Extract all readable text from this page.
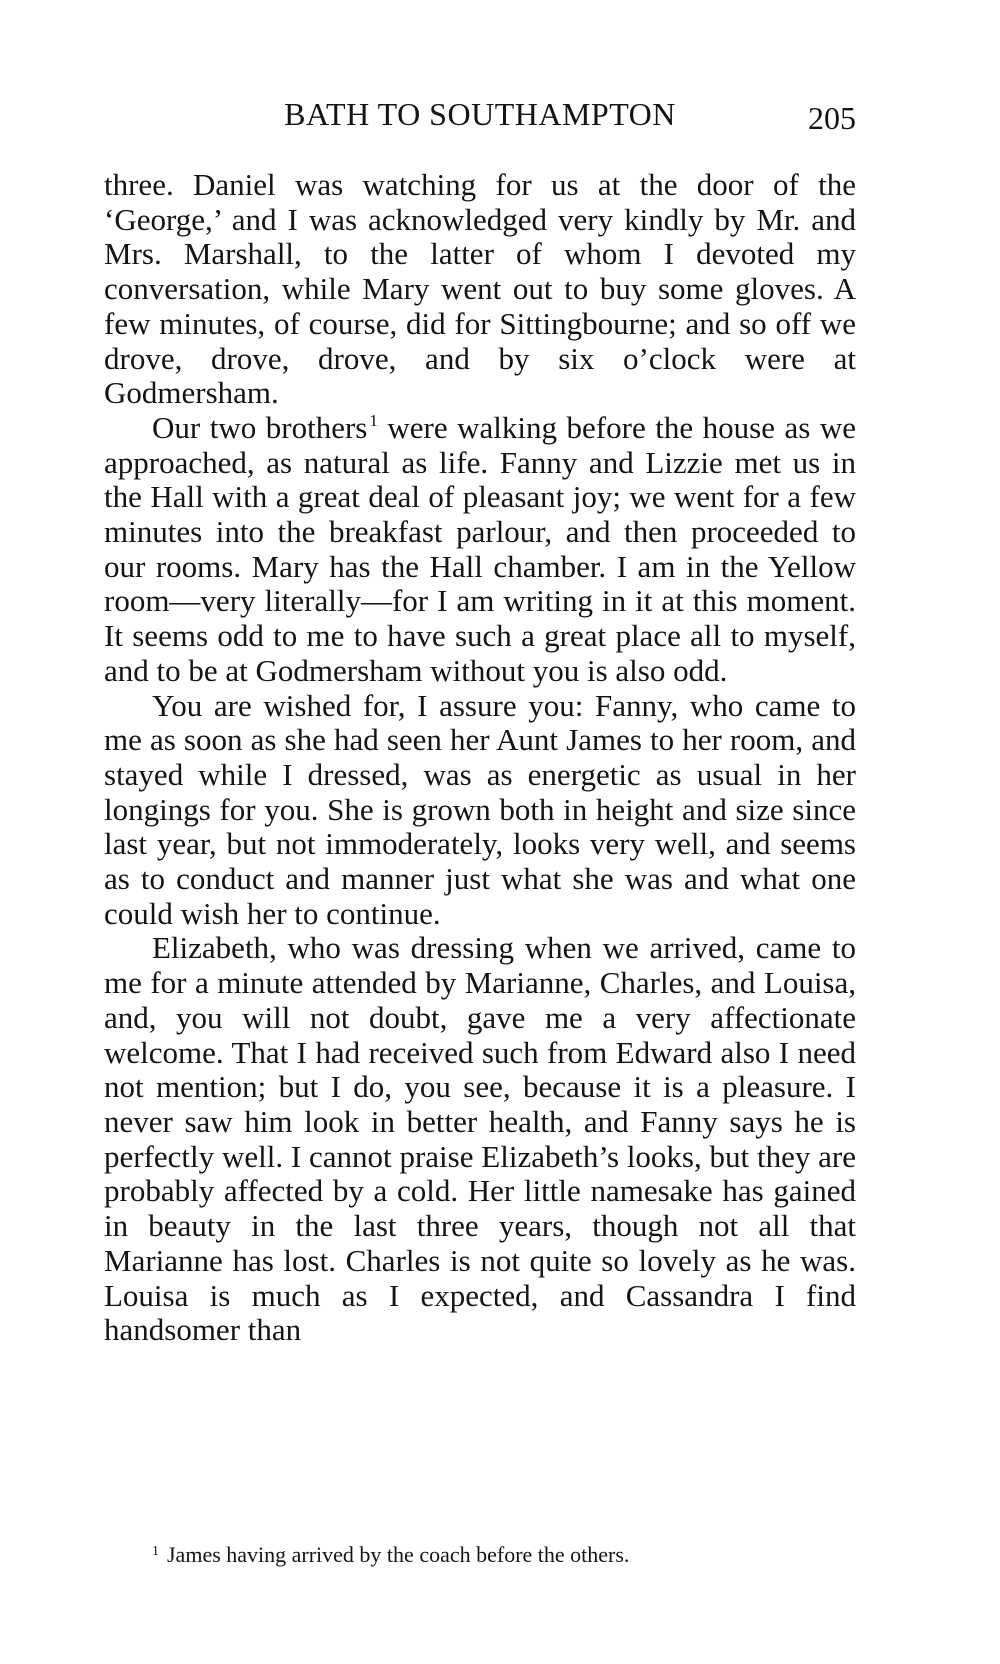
BATH TO SOUTHAMPTON	205

three. Daniel was watching for us at the door of the ‘George,’ and I was acknowledged very kindly by Mr. and Mrs. Marshall, to the latter of whom I devoted my conversation, while Mary went out to buy some gloves. A few minutes, of course, did for Sittingbourne; and so off we drove, drove, drove, and by six o’clock were at Godmersham.

Our two brothers $^1$ were walking before the house as we approached, as natural as life. Fanny and Lizzie met us in the Hall with a great deal of pleasant joy; we went for a few minutes into the breakfast parlour, and then proceeded to our rooms. Mary has the Hall chamber. I am in the Yellow room—very literally—for I am writing in it at this moment. It seems odd to me to have such a great place all to myself, and to be at Godmersham without you is also odd.

You are wished for, I assure you: Fanny, who came to me as soon as she had seen her Aunt James to her room, and stayed while I dressed, was as energetic as usual in her longings for you. She is grown both in height and size since last year, but not immoderately, looks very well, and seems as to conduct and manner just what she was and what one could wish her to continue.

Elizabeth, who was dressing when we arrived, came to me for a minute attended by Marianne, Charles, and Louisa, and, you will not doubt, gave me a very affectionate welcome. That I had received such from Edward also I need not mention; but I do, you see, because it is a pleasure. I never saw him look in better health, and Fanny says he is perfectly well. I cannot praise Elizabeth’s looks, but they are probably affected by a cold. Her little namesake has gained in beauty in the last three years, though not all that Marianne has lost. Charles is not quite so lovely as he was. Louisa is much as I expected, and Cassandra I find handsomer than

$^1$ James having arrived by the coach before the others.
